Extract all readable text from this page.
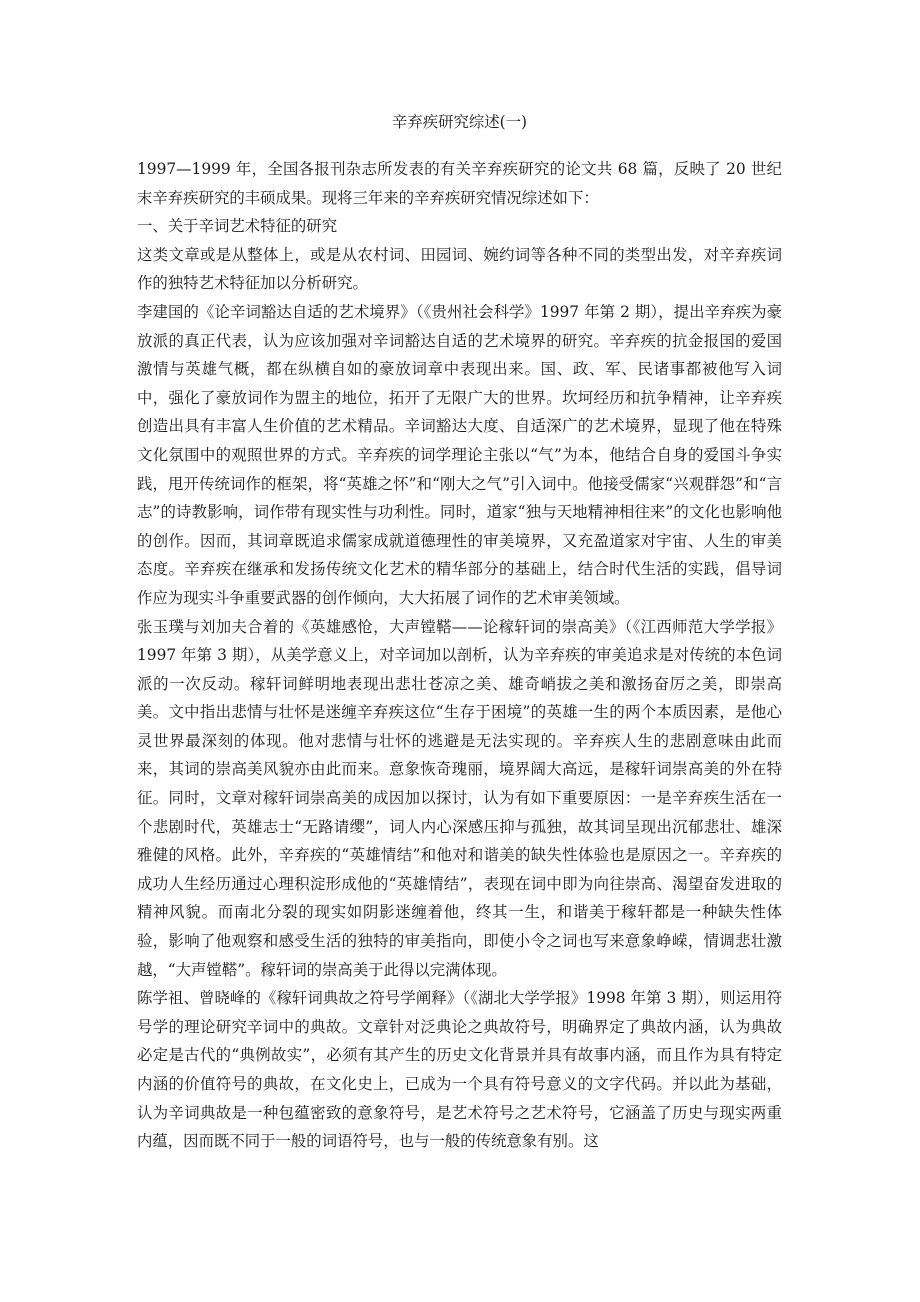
辛弃疾研究综述(一)

1997—1999 年，全国各报刊杂志所发表的有关辛弃疾研究的论文共 68 篇，反映了 20 世纪末辛弃疾研究的丰硕成果。现将三年来的辛弃疾研究情况综述如下：

一、关于辛词艺术特征的研究

这类文章或是从整体上，或是从农村词、田园词、婉约词等各种不同的类型出发，对辛弃疾词作的独特艺术特征加以分析研究。

李建国的《论辛词豁达自适的艺术境界》（《贵州社会科学》1997 年第 2 期），提出辛弃疾为豪放派的真正代表，认为应该加强对辛词豁达自适的艺术境界的研究。辛弃疾的抗金报国的爱国激情与英雄气概，都在纵横自如的豪放词章中表现出来。国、政、军、民诸事都被他写入词中，强化了豪放词作为盟主的地位，拓开了无限广大的世界。坎坷经历和抗争精神，让辛弃疾创造出具有丰富人生价值的艺术精品。辛词豁达大度、自适深广的艺术境界，显现了他在特殊文化氛围中的观照世界的方式。辛弃疾的词学理论主张以“气”为本，他结合自身的爱国斗争实践，甩开传统词作的框架，将“英雄之怀”和“刚大之气”引入词中。他接受儒家“兴观群怨”和“言志”的诗教影响，词作带有现实性与功利性。同时，道家“独与天地精神相往来”的文化也影响他的创作。因而，其词章既追求儒家成就道德理性的审美境界，又充盈道家对宇宙、人生的审美态度。辛弃疾在继承和发扬传统文化艺术的精华部分的基础上，结合时代生活的实践，倡导词作应为现实斗争重要武器的创作倾向，大大拓展了词作的艺术审美领域。

张玉璞与刘加夫合着的《英雄感怆，大声镗鞳——论稼轩词的崇高美》（《江西师范大学学报》1997 年第 3 期），从美学意义上，对辛词加以剖析，认为辛弃疾的审美追求是对传统的本色词派的一次反动。稼轩词鲜明地表现出悲壮苍凉之美、雄奇峭拔之美和激扬奋厉之美，即崇高美。文中指出悲情与壮怀是迷缠辛弃疾这位“生存于困境”的英雄一生的两个本质因素，是他心灵世界最深刻的体现。他对悲情与壮怀的逃避是无法实现的。辛弃疾人生的悲剧意味由此而来，其词的崇高美风貌亦由此而来。意象恢奇瑰丽，境界阔大高远，是稼轩词崇高美的外在特征。同时，文章对稼轩词崇高美的成因加以探讨，认为有如下重要原因：一是辛弃疾生活在一个悲剧时代，英雄志士“无路请缨”，词人内心深感压抑与孤独，故其词呈现出沉郁悲壮、雄深雅健的风格。此外，辛弃疾的“英雄情结”和他对和谐美的缺失性体验也是原因之一。辛弃疾的成功人生经历通过心理积淀形成他的“英雄情结”，表现在词中即为向往崇高、渴望奋发进取的精神风貌。而南北分裂的现实如阴影迷缠着他，终其一生，和谐美于稼轩都是一种缺失性体验，影响了他观察和感受生活的独特的审美指向，即使小令之词也写来意象峥嵘，情调悲壮激越，“大声镗鞳”。稼轩词的崇高美于此得以完满体现。

陈学祖、曾晓峰的《稼轩词典故之符号学阐释》（《湖北大学学报》1998 年第 3 期），则运用符号学的理论研究辛词中的典故。文章针对泛典论之典故符号，明确界定了典故内涵，认为典故必定是古代的“典例故实”，必须有其产生的历史文化背景并具有故事内涵，而且作为具有特定内涵的价值符号的典故，在文化史上，已成为一个具有符号意义的文字代码。并以此为基础，认为辛词典故是一种包蕴密致的意象符号，是艺术符号之艺术符号，它涵盖了历史与现实两重内蕴，因而既不同于一般的词语符号，也与一般的传统意象有别。这
